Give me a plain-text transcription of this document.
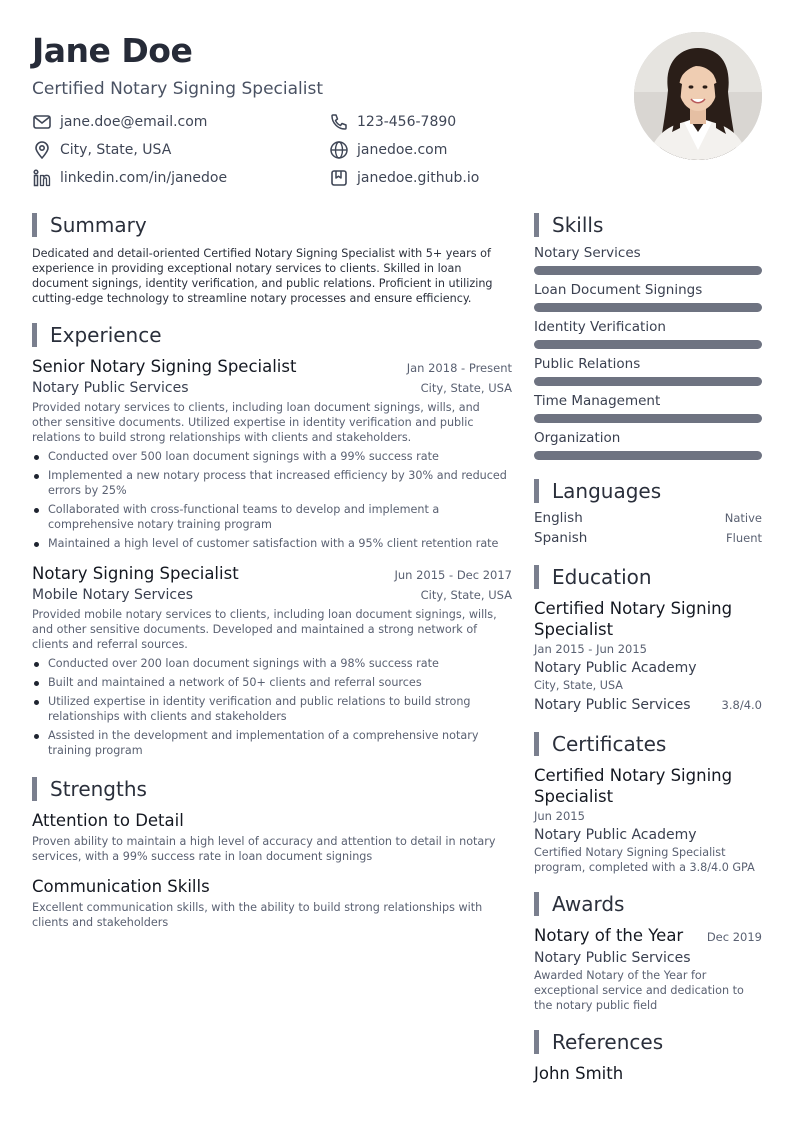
Jane Doe
Certified Notary Signing Specialist
jane.doe@email.com	123-456-7890
City, State, USA	janedoe.com
linkedin.com/in/janedoe	janedoe.github.io
Summary
Dedicated and detail-oriented Certified Notary Signing Specialist with 5+ years of experience in providing exceptional notary services to clients. Skilled in loan document signings, identity verification, and public relations. Proficient in utilizing cutting-edge technology to streamline notary processes and ensure efficiency.
Experience
Senior Notary Signing Specialist	Jan 2018 - Present
Notary Public Services	City, State, USA
Provided notary services to clients, including loan document signings, wills, and other sensitive documents. Utilized expertise in identity verification and public relations to build strong relationships with clients and stakeholders.
Conducted over 500 loan document signings with a 99% success rate
Implemented a new notary process that increased efficiency by 30% and reduced errors by 25%
Collaborated with cross-functional teams to develop and implement a comprehensive notary training program
Maintained a high level of customer satisfaction with a 95% client retention rate
Notary Signing Specialist	Jun 2015 - Dec 2017
Mobile Notary Services	City, State, USA
Provided mobile notary services to clients, including loan document signings, wills, and other sensitive documents. Developed and maintained a strong network of clients and referral sources.
Conducted over 200 loan document signings with a 98% success rate
Built and maintained a network of 50+ clients and referral sources
Utilized expertise in identity verification and public relations to build strong relationships with clients and stakeholders
Assisted in the development and implementation of a comprehensive notary training program
Strengths
Attention to Detail
Proven ability to maintain a high level of accuracy and attention to detail in notary services, with a 99% success rate in loan document signings
Communication Skills
Excellent communication skills, with the ability to build strong relationships with clients and stakeholders
Skills
Notary Services
Loan Document Signings
Identity Verification
Public Relations
Time Management
Organization
Languages
English	Native
Spanish	Fluent
Education
Certified Notary Signing Specialist
Jan 2015 - Jun 2015
Notary Public Academy
City, State, USA
Notary Public Services	3.8/4.0
Certificates
Certified Notary Signing Specialist
Jun 2015
Notary Public Academy
Certified Notary Signing Specialist program, completed with a 3.8/4.0 GPA
Awards
Notary of the Year Dec 2019
Notary Public Services
Awarded Notary of the Year for exceptional service and dedication to the notary public field
References
John Smith
